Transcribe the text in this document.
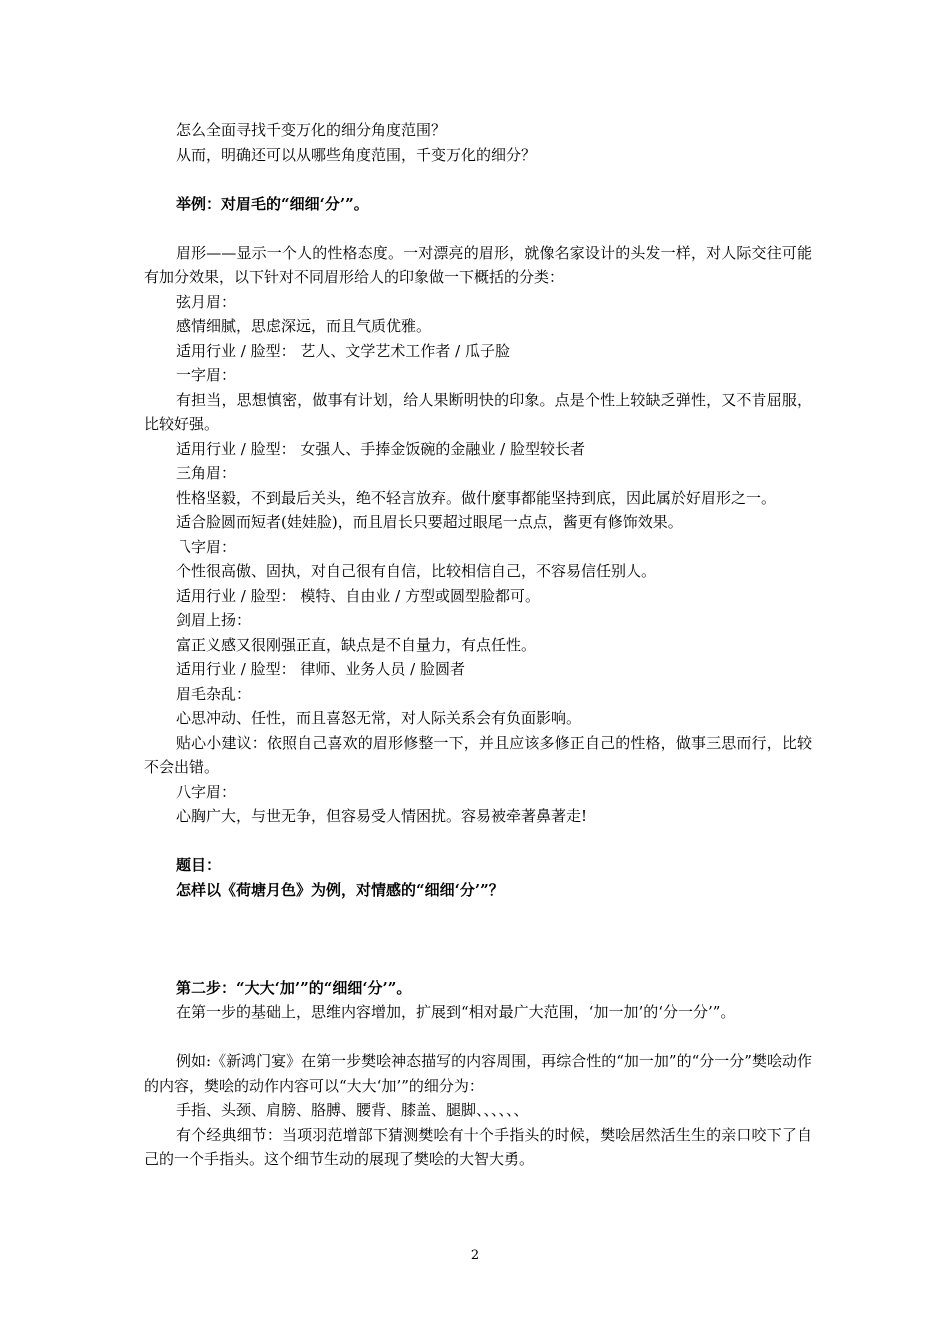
怎么全面寻找千变万化的细分角度范围？

从而，明确还可以从哪些角度范围，千变万化的细分？

举例：对眉毛的“细细‘分’”。

眉形——显示一个人的性格态度。一对漂亮的眉形，就像名家设计的头发一样，对人际交往可能有加分效果，以下针对不同眉形给人的印象做一下概括的分类：

弦月眉：

感情细腻，思虑深远，而且气质优雅。

适用行业 / 脸型： 艺人、文学艺术工作者 / 瓜子脸

一字眉：

有担当，思想慎密，做事有计划，给人果断明快的印象。点是个性上较缺乏弹性，又不肯屈服，比较好强。

适用行业 / 脸型： 女强人、手捧金饭碗的金融业 / 脸型较长者

三角眉：

性格坚毅，不到最后关头，绝不轻言放弃。做什麼事都能坚持到底，因此属於好眉形之一。

适合脸圆而短者(娃娃脸)，而且眉长只要超过眼尾一点点，酱更有修饰效果。

乁字眉：

个性很高傲、固执，对自己很有自信，比较相信自己，不容易信任别人。

适用行业 / 脸型： 模特、自由业 / 方型或圆型脸都可。

剑眉上扬：

富正义感又很刚强正直，缺点是不自量力，有点任性。

适用行业 / 脸型： 律师、业务人员 / 脸圆者

眉毛杂乱：

心思冲动、任性，而且喜怒无常，对人际关系会有负面影响。

贴心小建议：依照自己喜欢的眉形修整一下，并且应该多修正自己的性格，做事三思而行，比较不会出错。

八字眉：

心胸广大，与世无争，但容易受人情困扰。容易被牵著鼻著走!

题目：

怎样以《荷塘月色》为例，对情感的“细细‘分’”？

第二步：“大大‘加’”的“细细‘分’”。

在第一步的基础上，思维内容增加，扩展到“相对最广大范围，‘加一加’的‘分一分’”。

例如:《新鸿门宴》在第一步樊哙神态描写的内容周围，再综合性的“加一加”的“分一分”樊哙动作的内容，樊哙的动作内容可以“大大‘加’”的细分为：

手指、头颈、肩膀、胳膊、腰背、膝盖、腿脚、、、、、、

有个经典细节：当项羽范增部下猜测樊哙有十个手指头的时候，樊哙居然活生生的亲口咬下了自己的一个手指头。这个细节生动的展现了樊哙的大智大勇。

2
